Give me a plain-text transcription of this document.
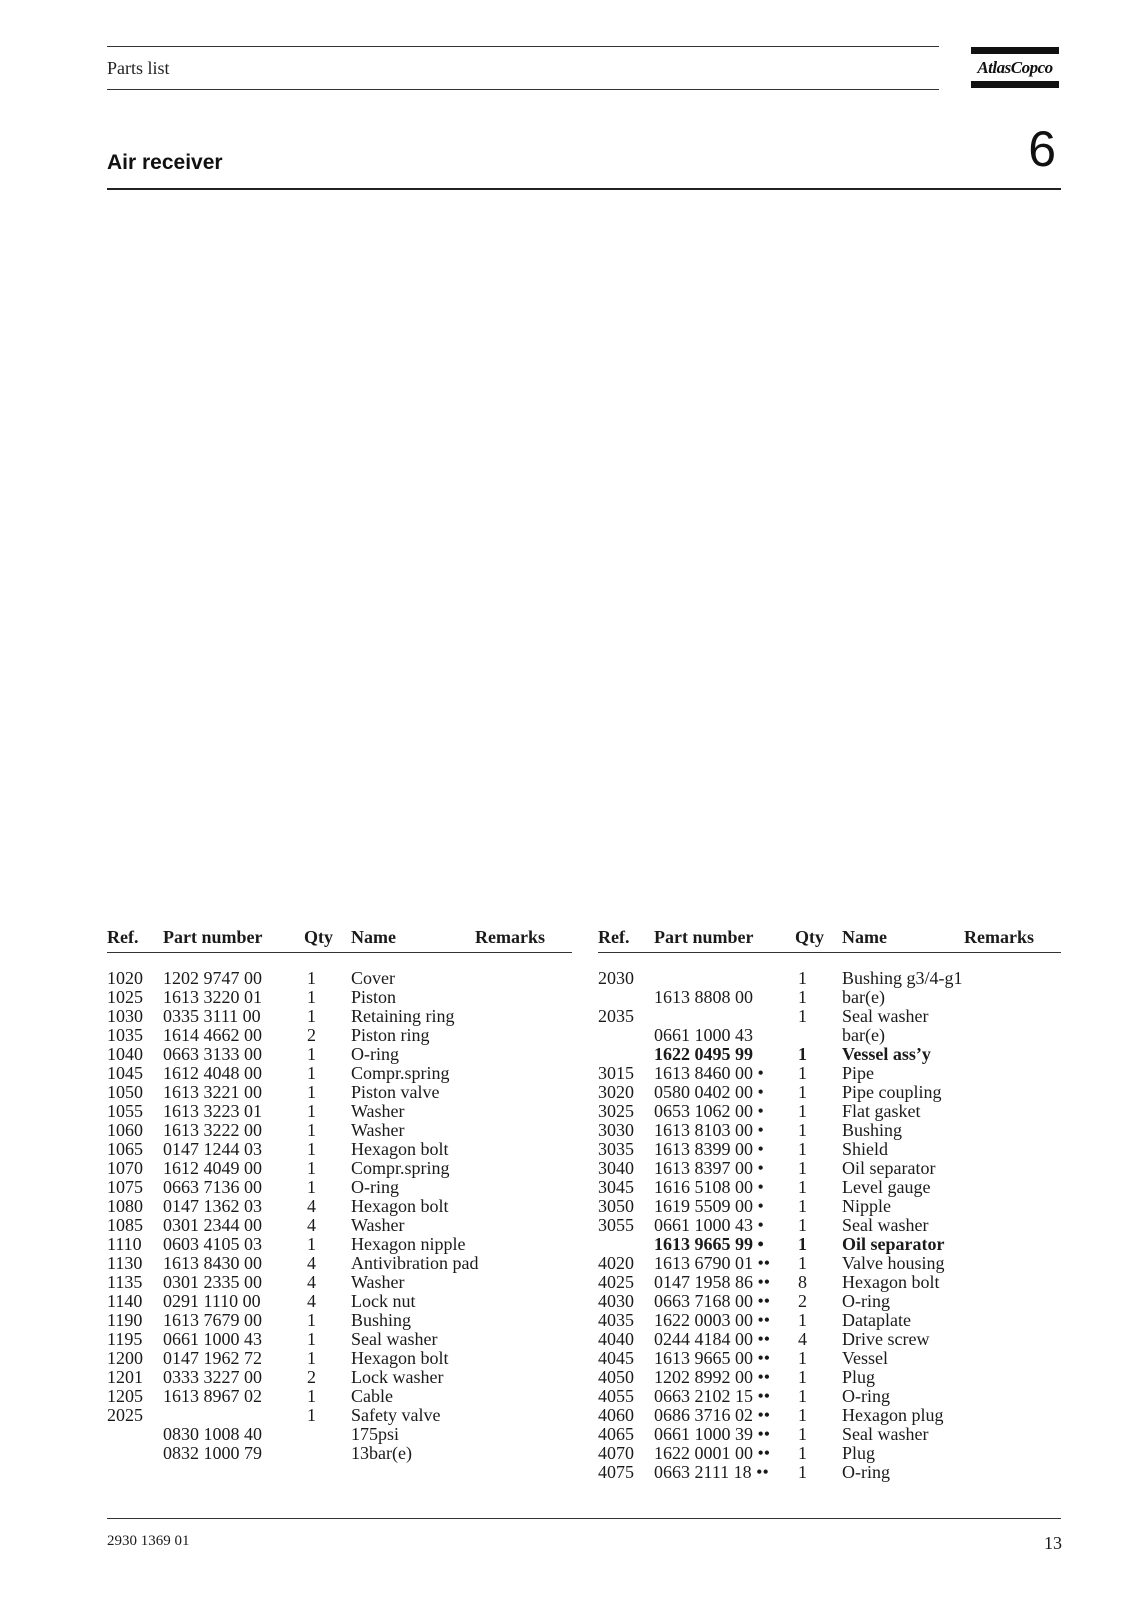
Parts list	AtlasCopco
Air receiver	6
Ref. Part number Qty Name	Remarks
1020 1202 9747 00	1 Cover
1025 1613 3220 01	1 Piston
1030 0335 3111 00	1 Retaining ring
1035 1614 4662 00	2 Piston ring
1040 0663 3133 00	1 O-ring
1045 1612 4048 00	1 Compr.spring
1050 1613 3221 00	1 Piston valve
1055 1613 3223 01	1 Washer
1060 1613 3222 00	1 Washer
1065 0147 1244 03	1 Hexagon bolt
1070 1612 4049 00	1 Compr.spring
1075 0663 7136 00	1 O-ring
1080 0147 1362 03	4 Hexagon bolt
1085 0301 2344 00	4 Washer
1110 0603 4105 03	1 Hexagon nipple
1130 1613 8430 00	4 Antivibration pad
1135 0301 2335 00	4 Washer
1140 0291 1110 00	4 Lock nut
1190 1613 7679 00	1 Bushing
1195 0661 1000 43	1 Seal washer
1200 0147 1962 72	1 Hexagon bolt
1201 0333 3227 00	2 Lock washer
1205 1613 8967 02	1 Cable
2025	1 Safety valve
0830 1008 40	175psi
0832 1000 79	13bar(e)
Ref. Part number Qty Name	Remarks
2030	1 Bushing g3/4-g1
1613 8808 00	1 bar(e)
2035	1 Seal washer
0661 1000 43	bar(e)
1622 0495 99	1 Vessel ass’y
3015 1613 8460 00 • 1 Pipe
3020 0580 0402 00 • 1 Pipe coupling
3025 0653 1062 00 • 1 Flat gasket
3030 1613 8103 00 • 1 Bushing
3035 1613 8399 00 • 1 Shield
3040 1613 8397 00 • 1 Oil separator
3045 1616 5108 00 • 1 Level gauge
3050 1619 5509 00 • 1 Nipple
3055 0661 1000 43 • 1 Seal washer
1613 9665 99 • 1 Oil separator
4020 1613 6790 01 •• 1 Valve housing
4025 0147 1958 86 •• 8 Hexagon bolt
4030 0663 7168 00 •• 2 O-ring
4035 1622 0003 00 •• 1 Dataplate
4040 0244 4184 00 •• 4 Drive screw
4045 1613 9665 00 •• 1 Vessel
4050 1202 8992 00 •• 1 Plug
4055 0663 2102 15 •• 1 O-ring
4060 0686 3716 02 •• 1 Hexagon plug
4065 0661 1000 39 •• 1 Seal washer
4070 1622 0001 00 •• 1 Plug
4075 0663 2111 18 •• 1 O-ring
2930 1369 01	13
